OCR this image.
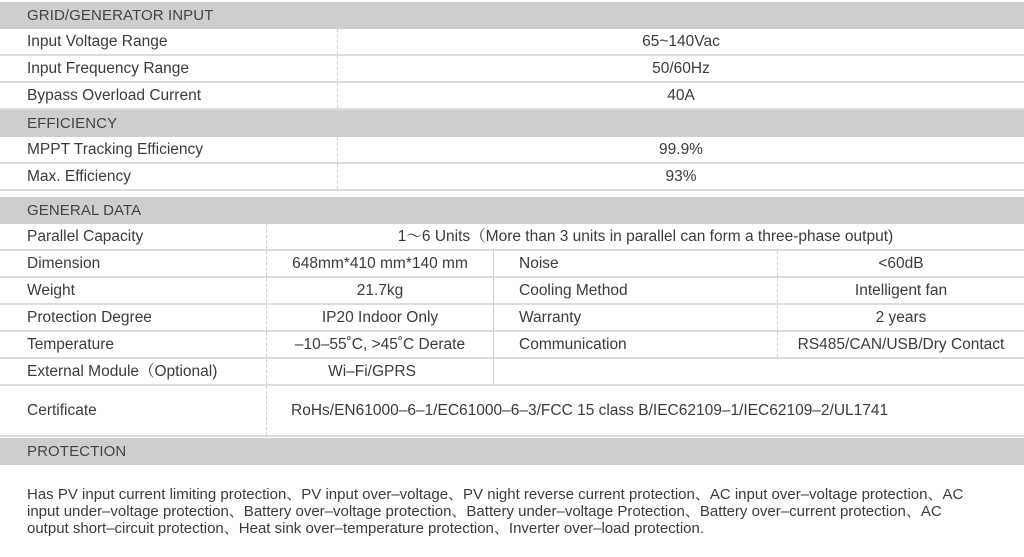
GRID/GENERATOR INPUT
Input Voltage Range	65~140Vac
Input Frequency Range	50/60Hz
Bypass Overload Current	40A
EFFICIENCY
MPPT Tracking Efficiency	99.9%
Max. Efficiency	93%
GENERAL DATA
Parallel Capacity	1～6 Units（More than 3 units in parallel can form a three-phase output)
Dimension	648mm*410 mm*140 mm	Noise	<60dB
Weight	21.7kg	Cooling Method	Intelligent fan
Protection Degree	IP20 Indoor Only	Warranty	2 years
Temperature	–10–55˚C, >45˚C Derate	Communication	RS485/CAN/USB/Dry Contact
External Module（Optional)	Wi–Fi/GPRS
Certificate	RoHs/EN61000–6–1/EC61000–6–3/FCC 15 class B/IEC62109–1/IEC62109–2/UL1741
PROTECTION
Has PV input current limiting protection、PV input over–voltage、PV night reverse current protection、AC input over–voltage protection、AC input under–voltage protection、Battery over–voltage protection、Battery under–voltage Protection、Battery over–current protection、AC output short–circuit protection、Heat sink over–temperature protection、Inverter over–load protection.
